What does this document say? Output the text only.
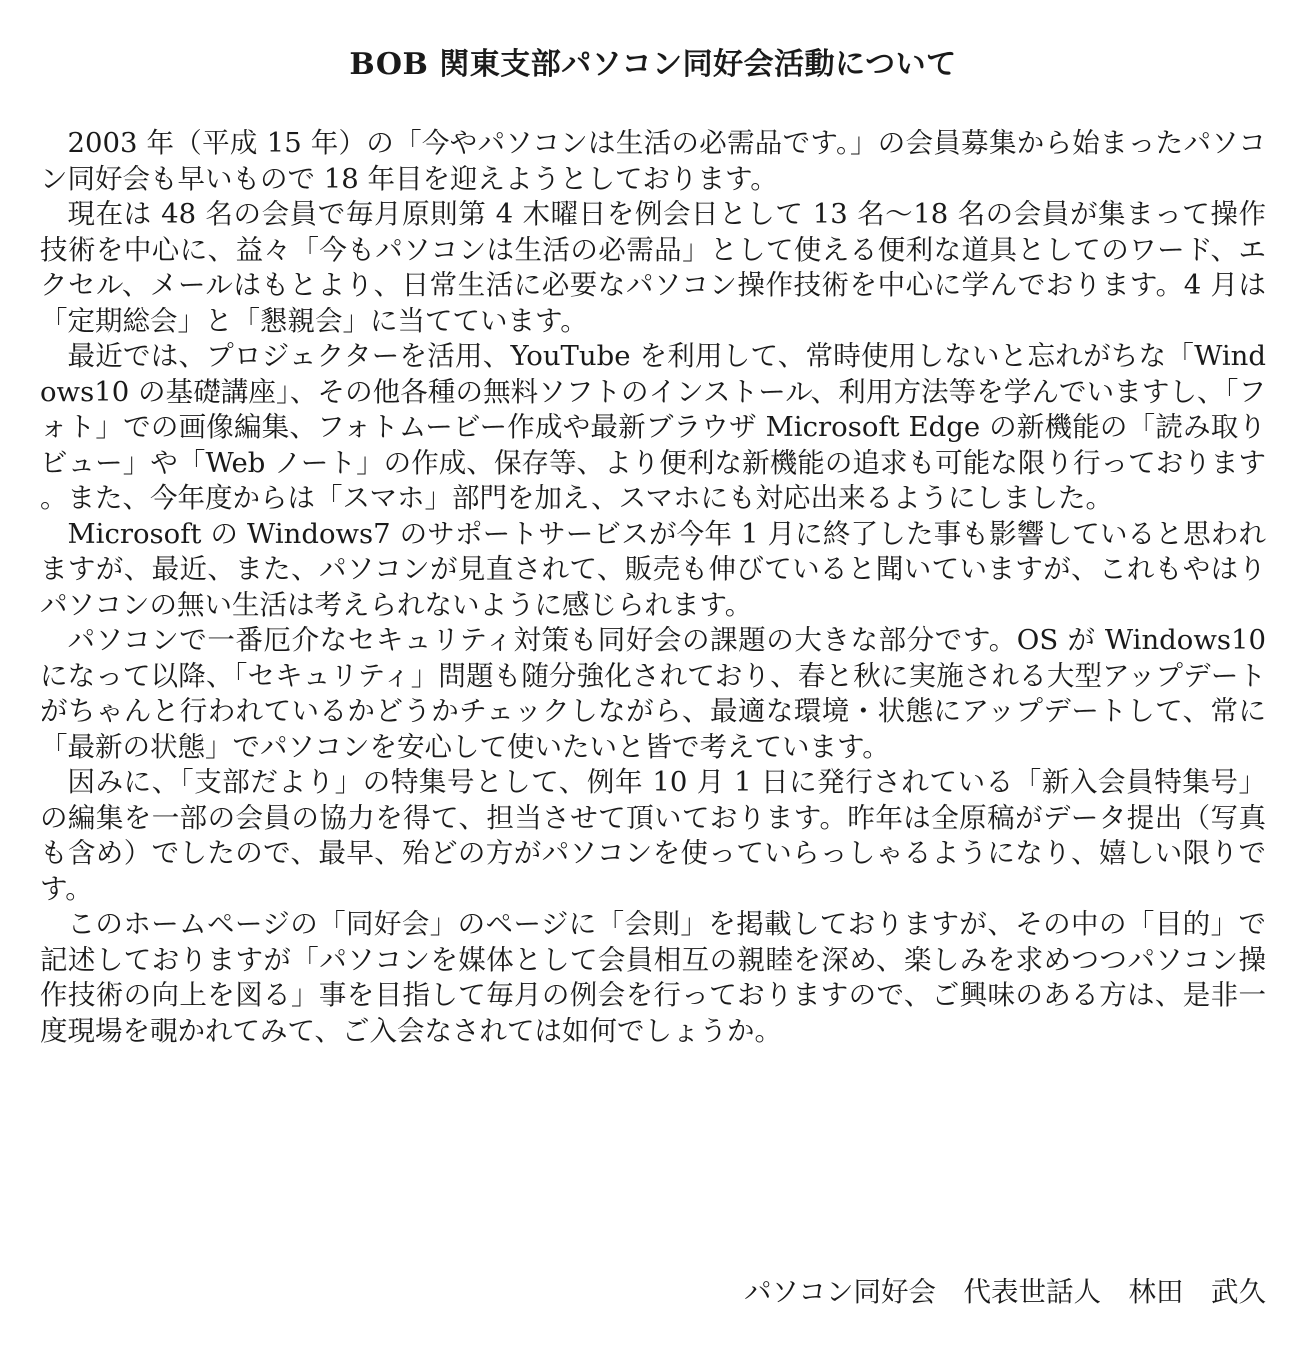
BOB 関東支部パソコン同好会活動について

2003 年（平成 15 年）の「今やパソコンは生活の必需品です。」の会員募集から始まったパソコン同好会も早いもので 18 年目を迎えようとしております。

現在は 48 名の会員で毎月原則第 4 木曜日を例会日として 13 名～18 名の会員が集まって操作技術を中心に、益々「今もパソコンは生活の必需品」として使える便利な道具としてのワード、エクセル、メールはもとより、日常生活に必要なパソコン操作技術を中心に学んでおります。4 月は「定期総会」と「懇親会」に当てています。

最近では、プロジェクターを活用、YouTube を利用して、常時使用しないと忘れがちな「Windows10 の基礎講座」、その他各種の無料ソフトのインストール、利用方法等を学んでいますし、「フォト」での画像編集、フォトムービー作成や最新ブラウザ Microsoft Edge の新機能の「読み取りビュー」や「Web ノート」の作成、保存等、より便利な新機能の追求も可能な限り行っております。また、今年度からは「スマホ」部門を加え、スマホにも対応出来るようにしました。

Microsoft の Windows7 のサポートサービスが今年 1 月に終了した事も影響していると思われますが、最近、また、パソコンが見直されて、販売も伸びていると聞いていますが、これもやはりパソコンの無い生活は考えられないように感じられます。

パソコンで一番厄介なセキュリティ対策も同好会の課題の大きな部分です。OS が Windows10 になって以降、「セキュリティ」問題も随分強化されており、春と秋に実施される大型アップデートがちゃんと行われているかどうかチェックしながら、最適な環境・状態にアップデートして、常に「最新の状態」でパソコンを安心して使いたいと皆で考えています。

因みに、「支部だより」の特集号として、例年 10 月 1 日に発行されている「新入会員特集号」の編集を一部の会員の協力を得て、担当させて頂いております。昨年は全原稿がデータ提出（写真も含め）でしたので、最早、殆どの方がパソコンを使っていらっしゃるようになり、嬉しい限りです。

このホームページの「同好会」のページに「会則」を掲載しておりますが、その中の「目的」で記述しておりますが「パソコンを媒体として会員相互の親睦を深め、楽しみを求めつつパソコン操作技術の向上を図る」事を目指して毎月の例会を行っておりますので、ご興味のある方は、是非一度現場を覗かれてみて、ご入会なされては如何でしょうか。

パソコン同好会　代表世話人　林田　武久
